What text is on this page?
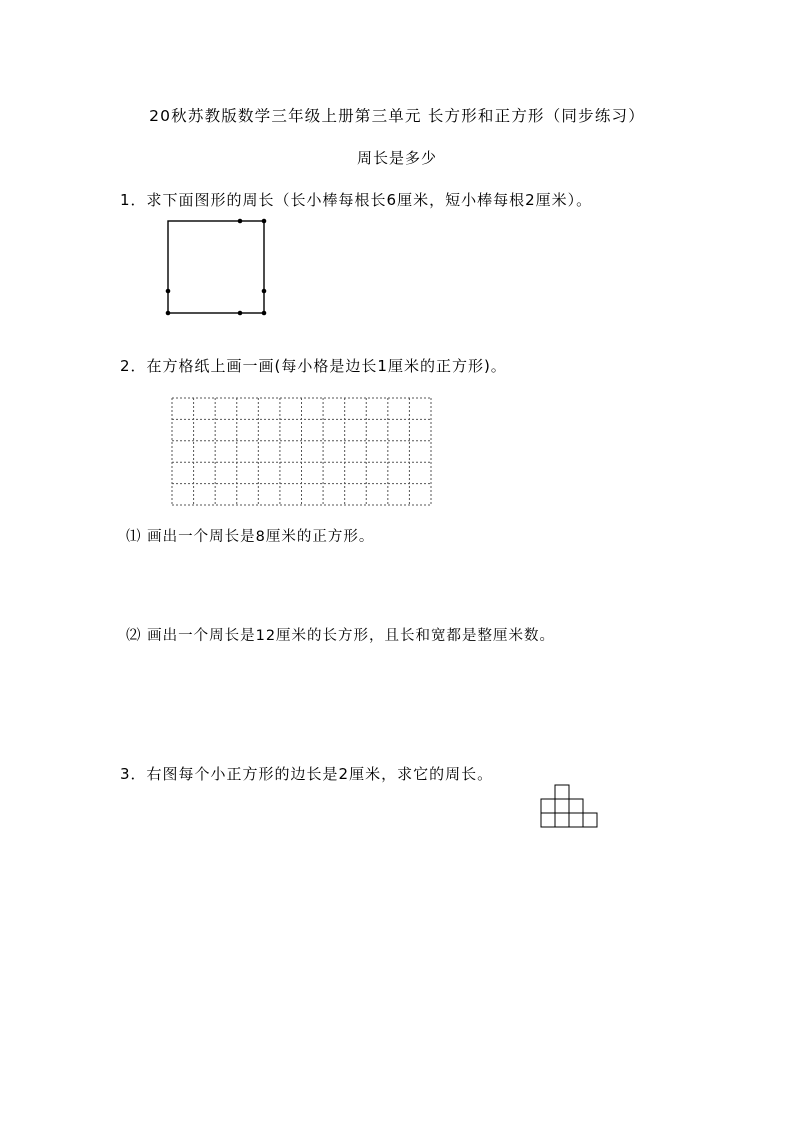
20秋苏教版数学三年级上册第三单元 长方形和正方形（同步练习）
周长是多少
1．求下面图形的周长（长小棒每根长6厘米，短小棒每根2厘米）。
2．在方格纸上画一画(每小格是边长1厘米的正方形)。
⑴ 画出一个周长是8厘米的正方形。
⑵ 画出一个周长是12厘米的长方形，且长和宽都是整厘米数。
3．右图每个小正方形的边长是2厘米，求它的周长。
